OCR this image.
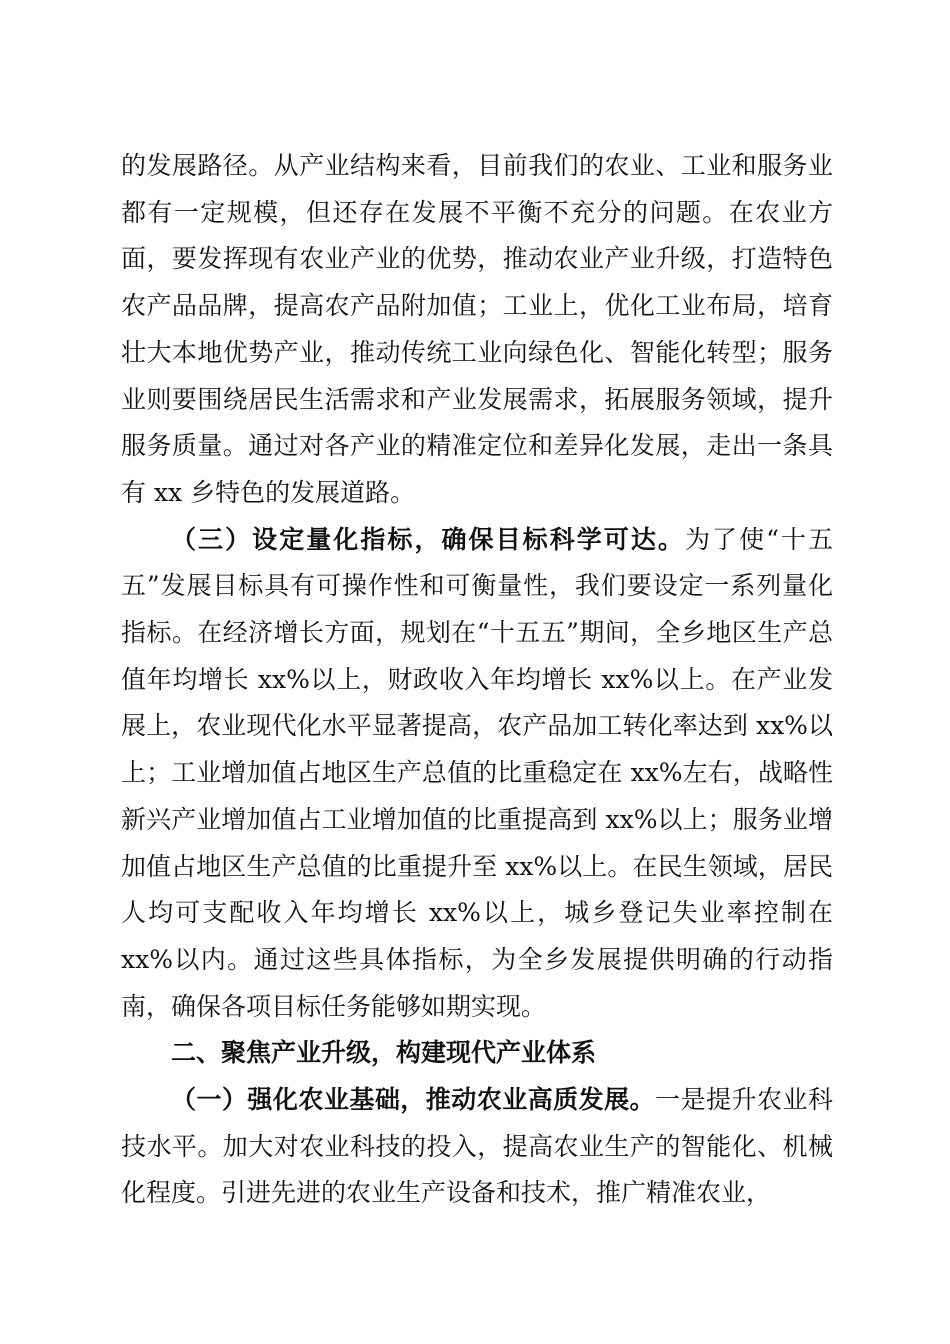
的发展路径。从产业结构来看，目前我们的农业、工业和服务业都有一定规模，但还存在发展不平衡不充分的问题。在农业方面，要发挥现有农业产业的优势，推动农业产业升级，打造特色农产品品牌，提高农产品附加值；工业上，优化工业布局，培育壮大本地优势产业，推动传统工业向绿色化、智能化转型；服务业则要围绕居民生活需求和产业发展需求，拓展服务领域，提升服务质量。通过对各产业的精准定位和差异化发展，走出一条具有 xx 乡特色的发展道路。

（三）设定量化指标，确保目标科学可达。为了使“十五五”发展目标具有可操作性和可衡量性，我们要设定一系列量化指标。在经济增长方面，规划在“十五五”期间，全乡地区生产总值年均增长 xx%以上，财政收入年均增长 xx%以上。在产业发展上，农业现代化水平显著提高，农产品加工转化率达到 xx%以上；工业增加值占地区生产总值的比重稳定在 xx%左右，战略性新兴产业增加值占工业增加值的比重提高到 xx%以上；服务业增加值占地区生产总值的比重提升至 xx%以上。在民生领域，居民人均可支配收入年均增长 xx%以上，城乡登记失业率控制在 xx%以内。通过这些具体指标，为全乡发展提供明确的行动指南，确保各项目标任务能够如期实现。

二、聚焦产业升级，构建现代产业体系

（一）强化农业基础，推动农业高质发展。一是提升农业科技水平。加大对农业科技的投入，提高农业生产的智能化、机械化程度。引进先进的农业生产设备和技术，推广精准农业，
